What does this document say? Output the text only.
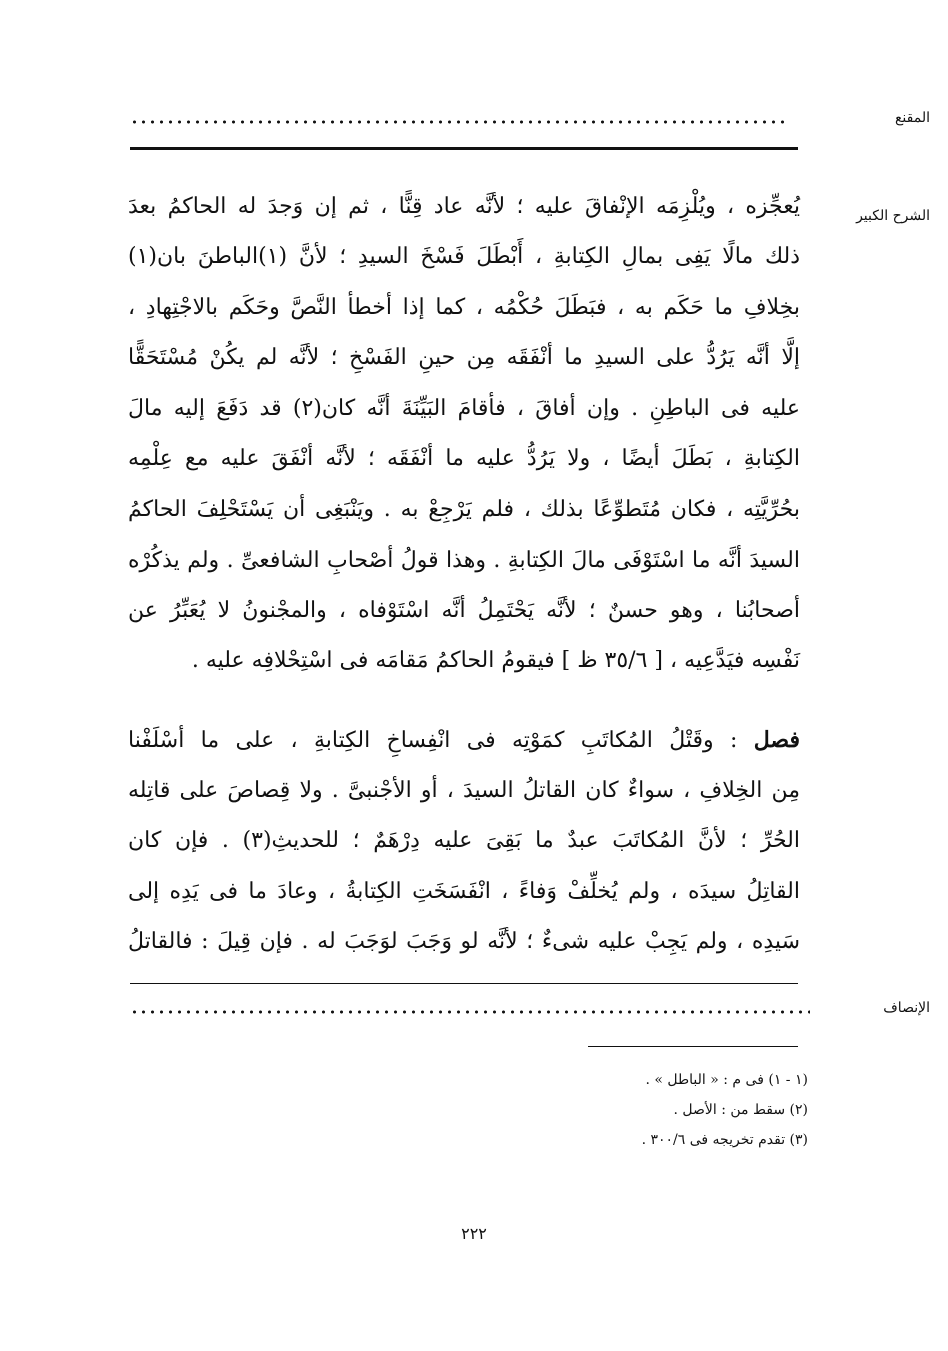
المقنع
الشرح الكبير
يُعجِّزه ، ويُلْزِمَه الإنْفاقَ عليه ؛ لأنَّه عاد قِنًّا ، ثم إن وَجدَ له الحاكمُ بعدَ
ذلك مالًا يَفِى بمالِ الكِتابةِ ، أَبْطَلَ فَسْخَ السيدِ ؛ لأنَّ (١)الباطنَ بان(١)
بخِلافِ ما حَكَم به ، فبَطَلَ حُكْمُه ، كما إذا أخطأ النَّصَّ وحَكَم بالاجْتِهادِ ،
إلَّا أنَّه يَرُدُّ على السيدِ ما أنْفَقَه مِن حينِ الفَسْخِ ؛ لأنَّه لم يكُنْ مُسْتَحَقًّا
عليه فى الباطِنِ . وإن أفاقَ ، فأقامَ البَيِّنَةَ أنَّه كان(٢) قد دَفَعَ إليه مالَ
الكِتابةِ ، بَطَلَ أيضًا ، ولا يَرُدُّ عليه ما أنْفَقَه ؛ لأنَّه أنْفَقَ عليه مع عِلْمِه
بحُرِّيَّتِه ، فكان مُتَطوِّعًا بذلك ، فلم يَرْجِعْ به . ويَنْبَغِى أن يَسْتَحْلِفَ الحاكمُ
السيدَ أنَّه ما اسْتَوْفَى مالَ الكِتابةِ . وهذا قولُ أصْحابِ الشافعىِّ . ولم يذكُرْه
أصحابُنا ، وهو حسنٌ ؛ لأنَّه يَحْتَمِلُ أنَّه اسْتَوْفاه ، والمجْنونُ لا يُعَبِّرُ عن
نَفْسِه فيَدَّعِيه ، [ ٣٥/٦ ظ ] فيقومُ الحاكمُ مَقامَه فى اسْتِحْلافِه عليه .
فصل : وقَتْلُ المُكاتَبِ كمَوْتِه فى انْفِساخِ الكِتابةِ ، على ما أسْلَفْنا
مِن الخِلافِ ، سواءٌ كان القاتلُ السيدَ ، أو الأجْنبىَّ . ولا قِصاصَ على قاتِله
الحُرِّ ؛ لأنَّ المُكاتَبَ عبدٌ ما بَقِىَ عليه دِرْهَمٌ ؛ للحديثِ(٣) . فإن كان
القاتِلُ سيدَه ، ولم يُخلِّفْ وَفاءً ، انْفَسَخَتِ الكِتابةُ ، وعادَ ما فى يَدِه إلى
سَيدِه ، ولم يَجِبْ عليه شىءٌ ؛ لأنَّه لو وَجَبَ لوَجَبَ له . فإن قِيلَ : فالقاتلُ
الإنصاف
(١ - ١) فى م : « الباطل » .
(٢) سقط من : الأصل .
(٣) تقدم تخريجه فى ٣٠٠/٦ .
٢٢٢
